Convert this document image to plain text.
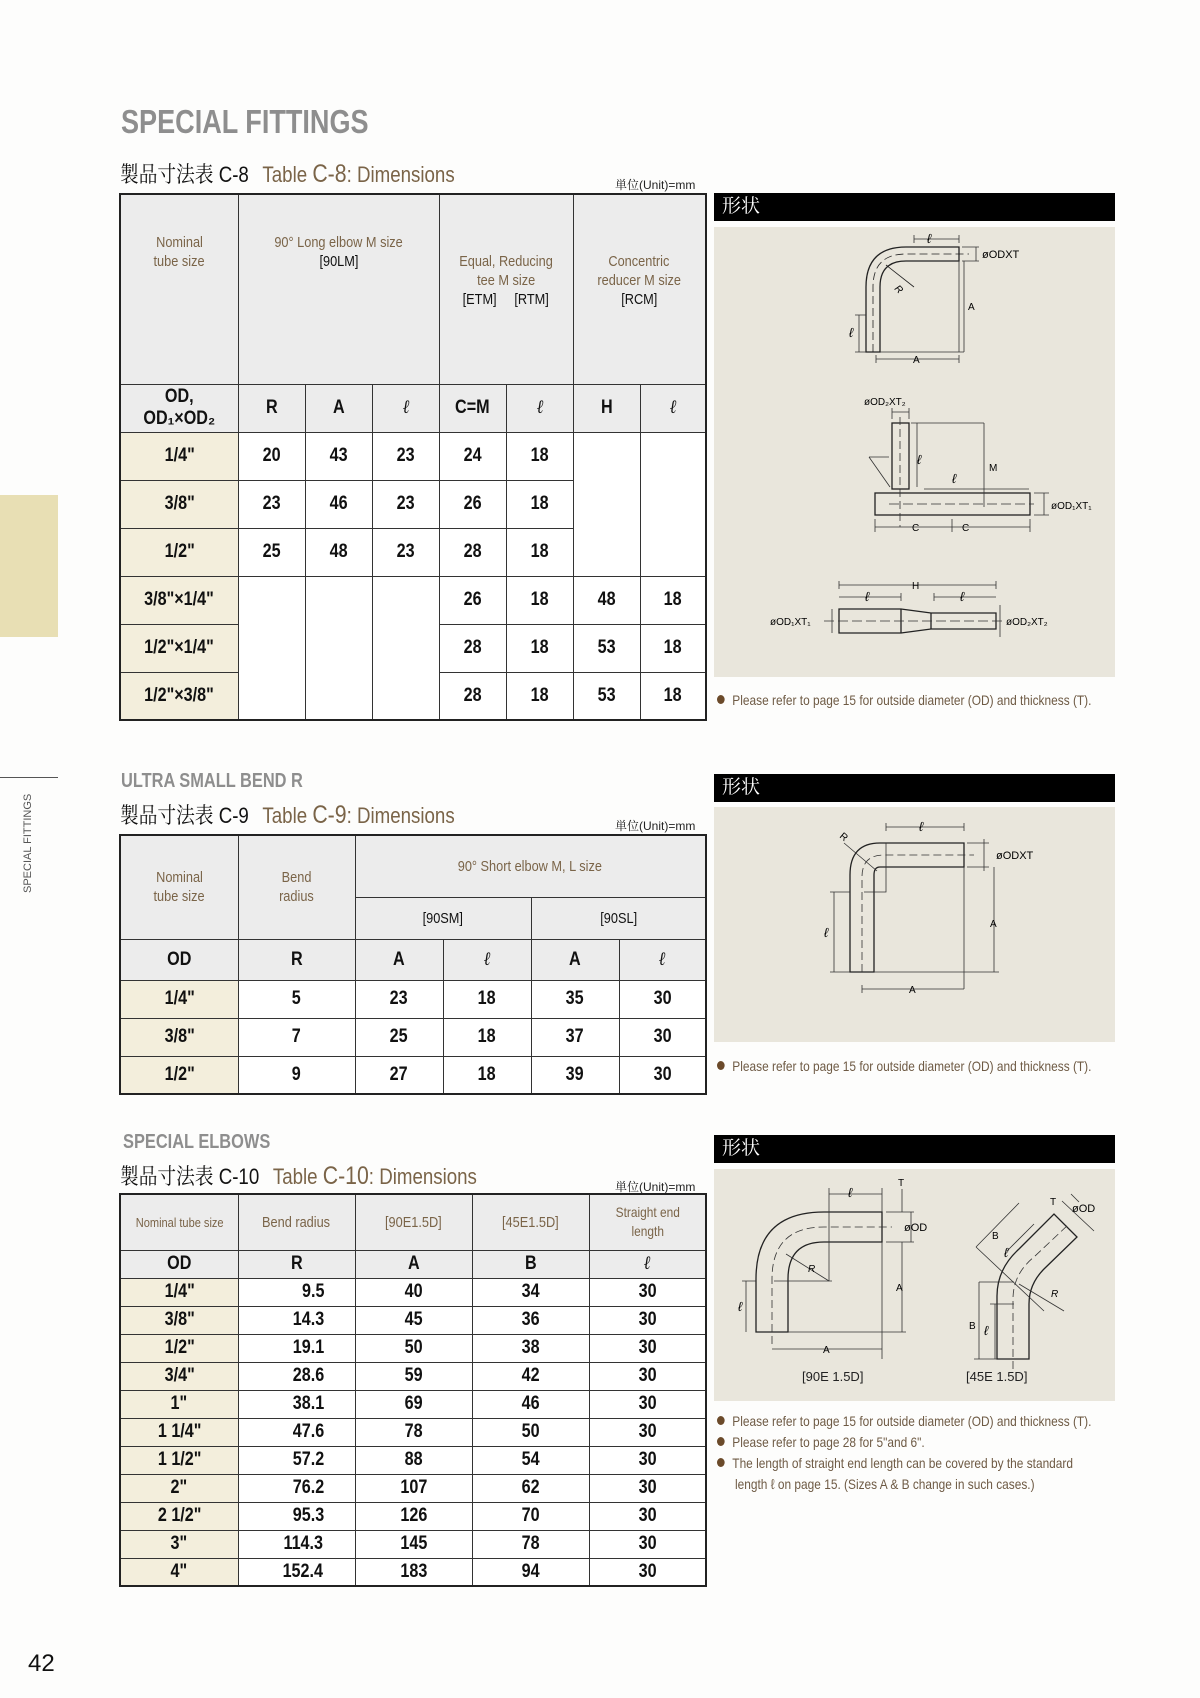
SPECIAL FITTINGS
SPECIAL FITTINGS
製品寸法表 C-8 Table C-8: Dimensions	単位(Unit)=mm
Nominal
tube size	90° Long elbow M size
[90LM]			Equal, Reducing
tee M size
[ETM]     [RTM]		Concentric
reducer M size
[RCM]	
OD, OD₁×OD₂	R	A	ℓ	C=M	ℓ	H	ℓ
1/4"	20	43	23	24	18		
3/8"	23	46	23	26	18		
1/2"	25	48	23	28	18		
3/8"×1/4"				26	18	48	18
1/2"×1/4"				28	18	53	18
1/2"×3/8"				28	18	53	18
形状
ℓ
øODXT
R
A
ℓ
A
øOD₂XT₂
ℓ
ℓ
M
øOD₁XT₁
C	C
H
ℓ	ℓ
øOD₁XT₁	øOD₂XT₂
Please refer to page 15 for outside diameter (OD) and thickness (T).
ULTRA SMALL BEND R
製品寸法表 C-9 Table C-9: Dimensions	単位(Unit)=mm
Nominal
tube size	Bend
radius	90° Short elbow M, L size			
		[90SM]		[90SL]	
OD	R	A	ℓ	A	ℓ
1/4"	5	23	18	35	30
3/8"	7	25	18	37	30
1/2"	9	27	18	39	30
形状
ℓ
R
øODXT
A
ℓ
A
Please refer to page 15 for outside diameter (OD) and thickness (T).
SPECIAL ELBOWS
製品寸法表 C-10 Table C-10: Dimensions	単位(Unit)=mm
Nominal tube size	Bend radius	[90E1.5D]	[45E1.5D]	Straight end length
OD	R	A	B	ℓ
1/4"	9.5	40	34	30
3/8"	14.3	45	36	30
1/2"	19.1	50	38	30
3/4"	28.6	59	42	30
1"	38.1	69	46	30
1 1/4"	47.6	78	50	30
1 1/2"	57.2	88	54	30
2"	76.2	107	62	30
2 1/2"	95.3	126	70	30
3"	114.3	145	78	30
4"	152.4	183	94	30
形状
ℓ
T
øOD
R
A
ℓ
A
[90E 1.5D]
B
ℓ
T
øOD
R
B ℓ
[45E 1.5D]
Please refer to page 15 for outside diameter (OD) and thickness (T).
Please refer to page 28 for 5"and 6".
The length of straight end length can be covered by the standard
length ℓ on page 15. (Sizes A & B change in such cases.)
42
